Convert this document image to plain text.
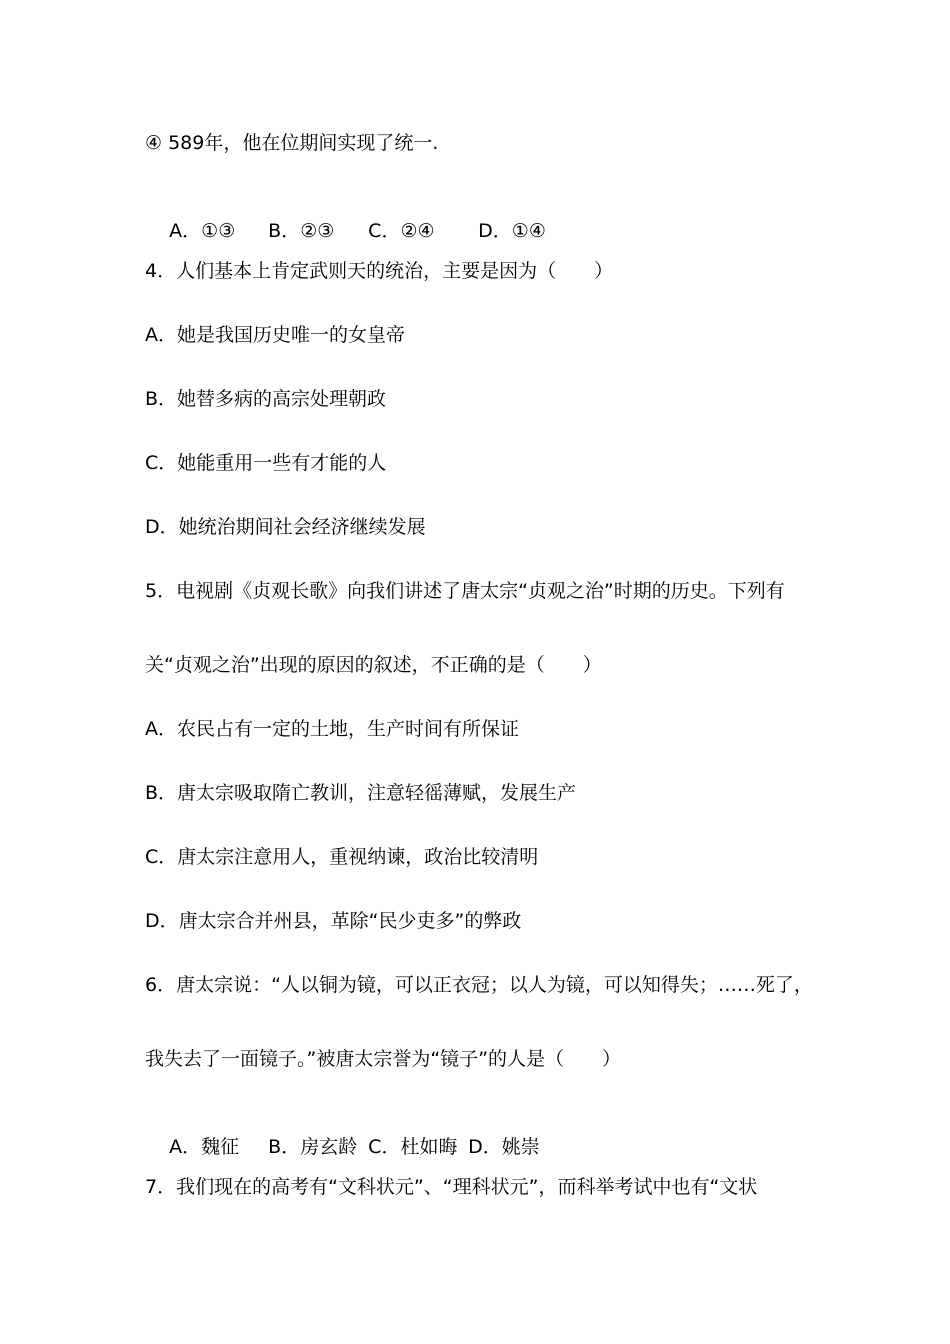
④ 589年，他在位期间实现了统一.

A．①③ B．②③ C．②④ D．①④

4．人们基本上肯定武则天的统治，主要是因为（　　）
A．她是我国历史唯一的女皇帝
B．她替多病的高宗处理朝政
C．她能重用一些有才能的人
D．她统治期间社会经济继续发展
5．电视剧《贞观长歌》向我们讲述了唐太宗“贞观之治”时期的历史。下列有
关“贞观之治”出现的原因的叙述，不正确的是（　　）
A．农民占有一定的土地，生产时间有所保证
B．唐太宗吸取隋亡教训，注意轻徭薄赋，发展生产
C．唐太宗注意用人，重视纳谏，政治比较清明
D．唐太宗合并州县，革除“民少吏多”的弊政
6．唐太宗说：“人以铜为镜，可以正衣冠；以人为镜，可以知得失；……死了，
我失去了一面镜子。”被唐太宗誉为“镜子”的人是（　　）

A．魏征 B．房玄龄 C．杜如晦 D．姚崇

7．我们现在的高考有“文科状元”、“理科状元”，而科举考试中也有“文状
